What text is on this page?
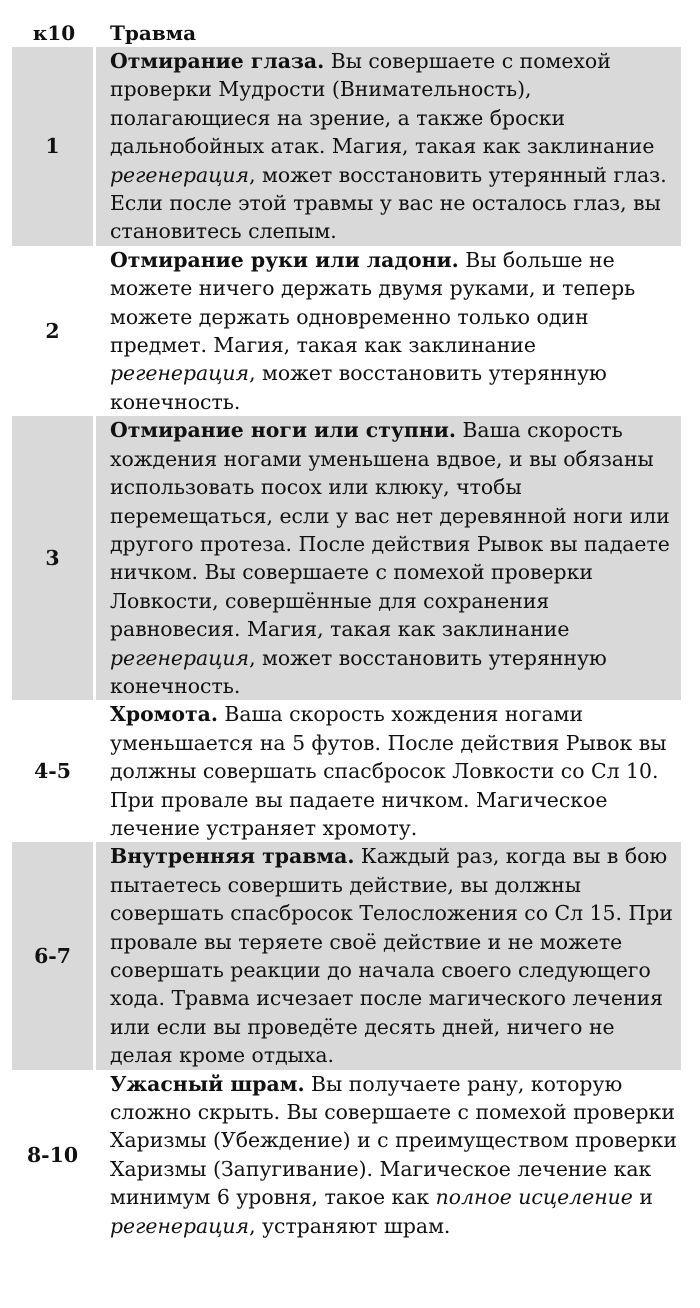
к10	Травма
1	Отмирание глаза. Вы совершаете с помехой проверки Мудрости (Внимательность), полагающиеся на зрение, а также броски дальнобойных атак. Магия, такая как заклинание регенерация, может восстановить утерянный глаз. Если после этой травмы у вас не осталось глаз, вы становитесь слепым.
2	Отмирание руки или ладони. Вы больше не можете ничего держать двумя руками, и теперь можете держать одновременно только один предмет. Магия, такая как заклинание регенерация, может восстановить утерянную конечность.
3	Отмирание ноги или ступни. Ваша скорость хождения ногами уменьшена вдвое, и вы обязаны использовать посох или клюку, чтобы перемещаться, если у вас нет деревянной ноги или другого протеза. После действия Рывок вы падаете ничком. Вы совершаете с помехой проверки Ловкости, совершённые для сохранения равновесия. Магия, такая как заклинание регенерация, может восстановить утерянную конечность.
4-5	Хромота. Ваша скорость хождения ногами уменьшается на 5 футов. После действия Рывок вы должны совершать спасбросок Ловкости со Сл 10. При провале вы падаете ничком. Магическое лечение устраняет хромоту.
6-7	Внутренняя травма. Каждый раз, когда вы в бою пытаетесь совершить действие, вы должны совершать спасбросок Телосложения со Сл 15. При провале вы теряете своё действие и не можете совершать реакции до начала своего следующего хода. Травма исчезает после магического лечения или если вы проведёте десять дней, ничего не делая кроме отдыха.
8-10	Ужасный шрам. Вы получаете рану, которую сложно скрыть. Вы совершаете с помехой проверки Харизмы (Убеждение) и с преимуществом проверки Харизмы (Запугивание). Магическое лечение как минимум 6 уровня, такое как полное исцеление и регенерация, устраняют шрам.
